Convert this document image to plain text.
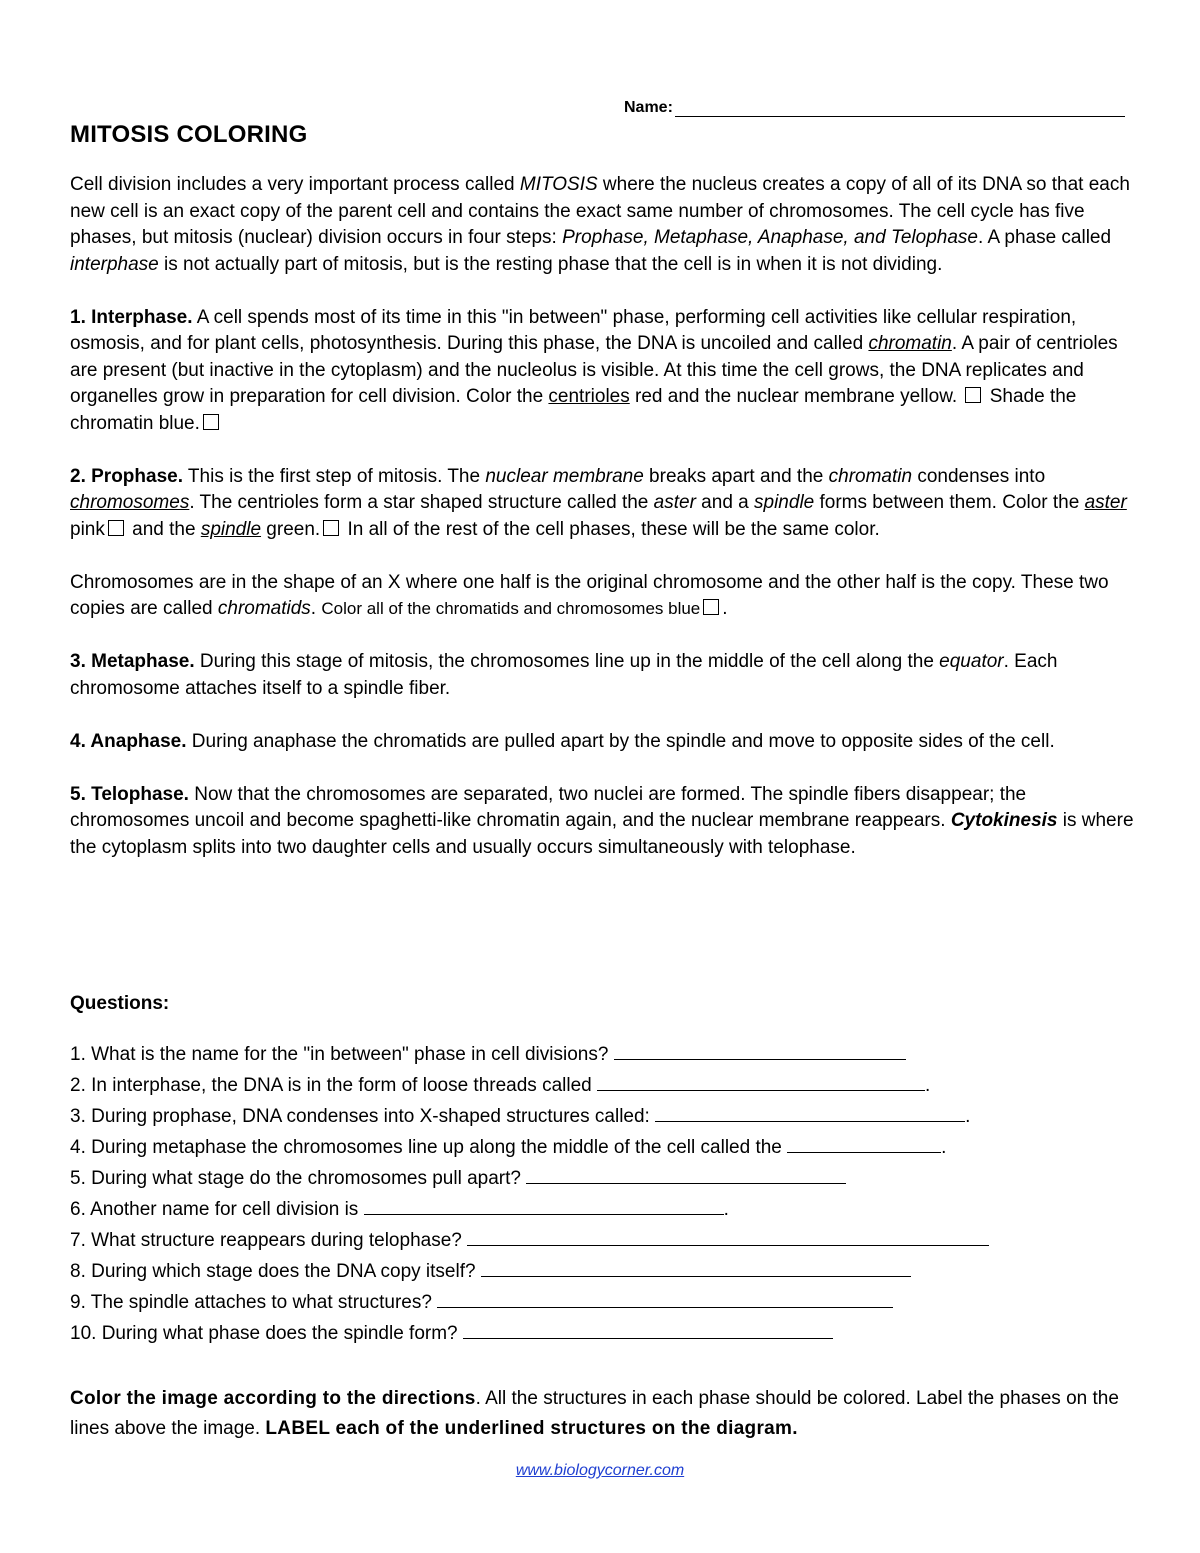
Name:
MITOSIS COLORING

Cell division includes a very important process called MITOSIS where the nucleus creates a copy of all of its DNA so that each new cell is an exact copy of the parent cell and contains the exact same number of chromosomes. The cell cycle has five phases, but mitosis (nuclear) division occurs in four steps: Prophase, Metaphase, Anaphase, and Telophase. A phase called interphase is not actually part of mitosis, but is the resting phase that the cell is in when it is not dividing.

1. Interphase. A cell spends most of its time in this "in between" phase, performing cell activities like cellular respiration, osmosis, and for plant cells, photosynthesis. During this phase, the DNA is uncoiled and called chromatin. A pair of centrioles are present (but inactive in the cytoplasm) and the nucleolus is visible. At this time the cell grows, the DNA replicates and organelles grow in preparation for cell division. Color the centrioles red and the nuclear membrane yellow.  Shade the chromatin blue.

2. Prophase. This is the first step of mitosis. The nuclear membrane breaks apart and the chromatin condenses into chromosomes. The centrioles form a star shaped structure called the aster and a spindle forms between them. Color the aster pink and the spindle green. In all of the rest of the cell phases, these will be the same color.

Chromosomes are in the shape of an X where one half is the original chromosome and the other half is the copy. These two copies are called chromatids. Color all of the chromatids and chromosomes blue .

3. Metaphase. During this stage of mitosis, the chromosomes line up in the middle of the cell along the equator. Each chromosome attaches itself to a spindle fiber.

4. Anaphase. During anaphase the chromatids are pulled apart by the spindle and move to opposite sides of the cell.

5. Telophase. Now that the chromosomes are separated, two nuclei are formed. The spindle fibers disappear; the chromosomes uncoil and become spaghetti-like chromatin again, and the nuclear membrane reappears. Cytokinesis is where the cytoplasm splits into two daughter cells and usually occurs simultaneously with telophase.

Questions:

1. What is the name for the "in between" phase in cell divisions?
2. In interphase, the DNA is in the form of loose threads called	.
3. During prophase, DNA condenses into X-shaped structures called:	.
4. During metaphase the chromosomes line up along the middle of the cell called the	.
5. During what stage do the chromosomes pull apart?
6. Another name for cell division is	.
7. What structure reappears during telophase?
8. During which stage does the DNA copy itself?
9. The spindle attaches to what structures?
10. During what phase does the spindle form?
Color the image according to the directions. All the structures in each phase should be colored. Label the phases on the lines above the image. LABEL each of the underlined structures on the diagram.
www.biologycorner.com
